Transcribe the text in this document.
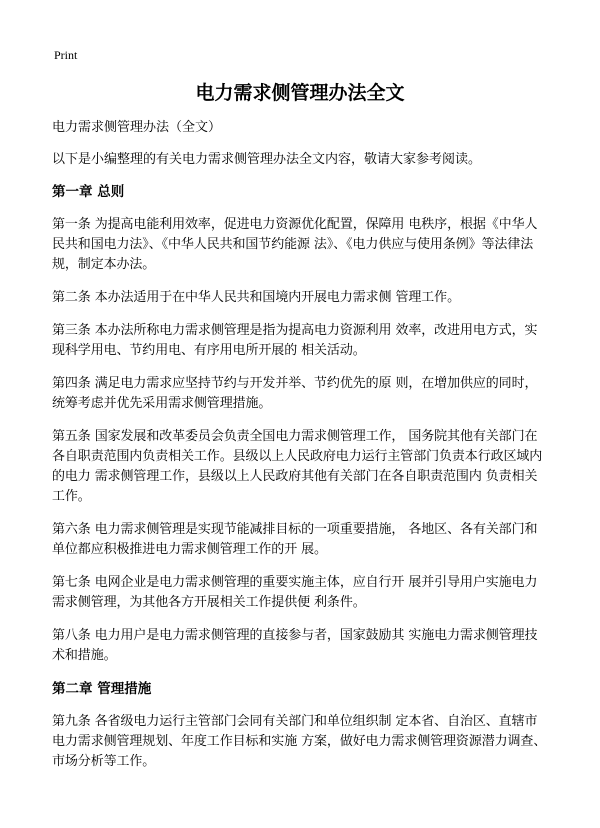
Print
电力需求侧管理办法全文

电力需求侧管理办法（全文）

以下是小编整理的有关电力需求侧管理办法全文内容，敬请大家参考阅读。

第一章 总则

第一条 为提高电能利用效率，促进电力资源优化配置，保障用 电秩序，根据《中华人民共和国电力法》、《中华人民共和国节约能源 法》、《电力供应与使用条例》等法律法规，制定本办法。

第二条 本办法适用于在中华人民共和国境内开展电力需求侧 管理工作。

第三条 本办法所称电力需求侧管理是指为提高电力资源利用 效率，改进用电方式，实现科学用电、节约用电、有序用电所开展的 相关活动。

第四条 满足电力需求应坚持节约与开发并举、节约优先的原 则，在增加供应的同时，统筹考虑并优先采用需求侧管理措施。

第五条 国家发展和改革委员会负责全国电力需求侧管理工作， 国务院其他有关部门在各自职责范围内负责相关工作。县级以上人民政府电力运行主管部门负责本行政区域内的电力 需求侧管理工作，县级以上人民政府其他有关部门在各自职责范围内 负责相关工作。

第六条 电力需求侧管理是实现节能减排目标的一项重要措施， 各地区、各有关部门和单位都应积极推进电力需求侧管理工作的开 展。

第七条 电网企业是电力需求侧管理的重要实施主体，应自行开 展并引导用户实施电力需求侧管理，为其他各方开展相关工作提供便 利条件。

第八条 电力用户是电力需求侧管理的直接参与者，国家鼓励其 实施电力需求侧管理技术和措施。

第二章 管理措施

第九条 各省级电力运行主管部门会同有关部门和单位组织制 定本省、自治区、直辖市电力需求侧管理规划、年度工作目标和实施 方案，做好电力需求侧管理资源潜力调查、市场分析等工作。
